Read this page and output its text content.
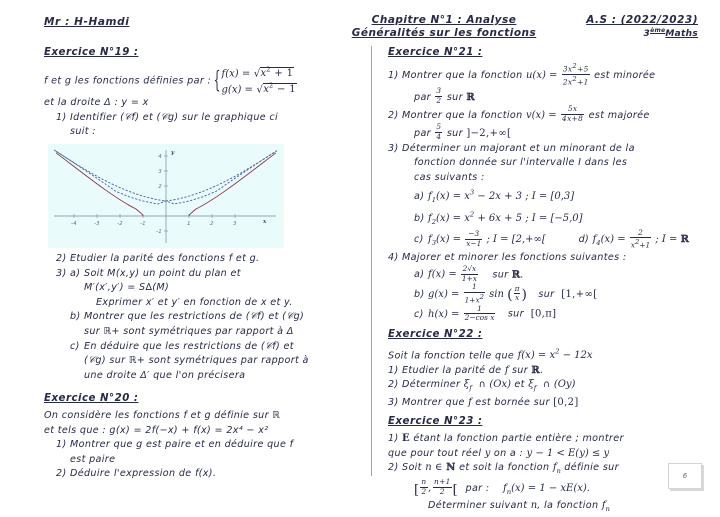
Mr : H-Hamdi	Chapitre N°1 : Analyse
Généralités sur les fonctions
A.S : (2022/2023)
3èmeMaths
Exercice N°19 :
f et g les fonctions définies par :
{ $f(x) = √x^2 + 1$
$g(x) = √x^2 - 1$
et la droite Δ : y = x
1) Identifier (𝒞f) et (𝒞g) sur le graphique ci
suit :
-4	-3	-2	-1	1	2	3
2
3
4
-1
y
x
2) Etudier la parité des fonctions f et g.
3) a) Soit M(x,y) un point du plan et
M′(x′,y′) = S∆(M)
Exprimer x′ et y′ en fonction de x et y.
b) Montrer que les restrictions de (𝒞f) et (𝒞g)
sur ℝ+ sont symétriques par rapport à Δ
c) En déduire que les restrictions de (𝒞f) et
(𝒞g) sur ℝ+ sont symétriques par rapport à
une droite Δ′ que l'on précisera
Exercice N°20 :
On considère les fonctions f et g définie sur ℝ
et tels que : g(x) = 2f(−x) + f(x) = 2x⁴ − x²
1) Montrer que g est paire et en déduire que f
est paire
2) Déduire l'expression de f(x).
Exercice N°21 :
1) Montrer que la fonction $u(x) = \frac{3x^2+5}{2x^2+1}$ est minorée
par $\frac{3}{2}$ sur ℝ
2) Montrer que la fonction $v(x) = \frac{5x}{4x+8}$ est majorée
par $\frac{5}{4}$ sur ]−2,+∞[
3) Déterminer un majorant et un minorant de la
fonction donnée sur l'intervalle I dans les
cas suivants :
a) $f_1(x) = x^3 - 2x + 3$ ; I = [0,3]
b) $f_2(x) = x^2 + 6x + 5$ ; I = [−5,0]
c) $f_3(x) = \frac{-3}{x-1}$ ; I = [2,+∞[	d) $f_4(x) = \frac{2}{x^2+1}$ ; I = ℝ
4) Majorer et minorer les fonctions suivantes :
a) $f(x) = \frac{2√x}{1+x}$ sur ℝ.
b) $g(x) = \frac{1}{1+x^2}$ sin ( $\frac{\pi}{x}$ ) sur  [1,+∞[
c) $h(x) = \frac{1}{\text{2−cos x}}$ sur  [0,π]
Exercice N°22 :
Soit la fonction telle que $f(x) = x^2 - 12x$
1) Etudier la parité de f sur ℝ.
2) Déterminer $\xi_f$  ∩ (Ox) et $\xi_f$  ∩ (Oy)
3) Montrer que f est bornée sur [0,2]
Exercice N°23 :
1) E étant la fonction partie entière ; montrer
que pour tout réel y on a : y − 1 < E(y) ≤ y
2) Soit n ∈ ℕ et soit la fonction $f_n$ définie sur
[ $\frac{n}{2}$ , $\frac{n+1}{2}$ [ par :    $f_n(x) = 1 - xE(x)$.
Déterminer suivant n, la fonction $f_n$
6
